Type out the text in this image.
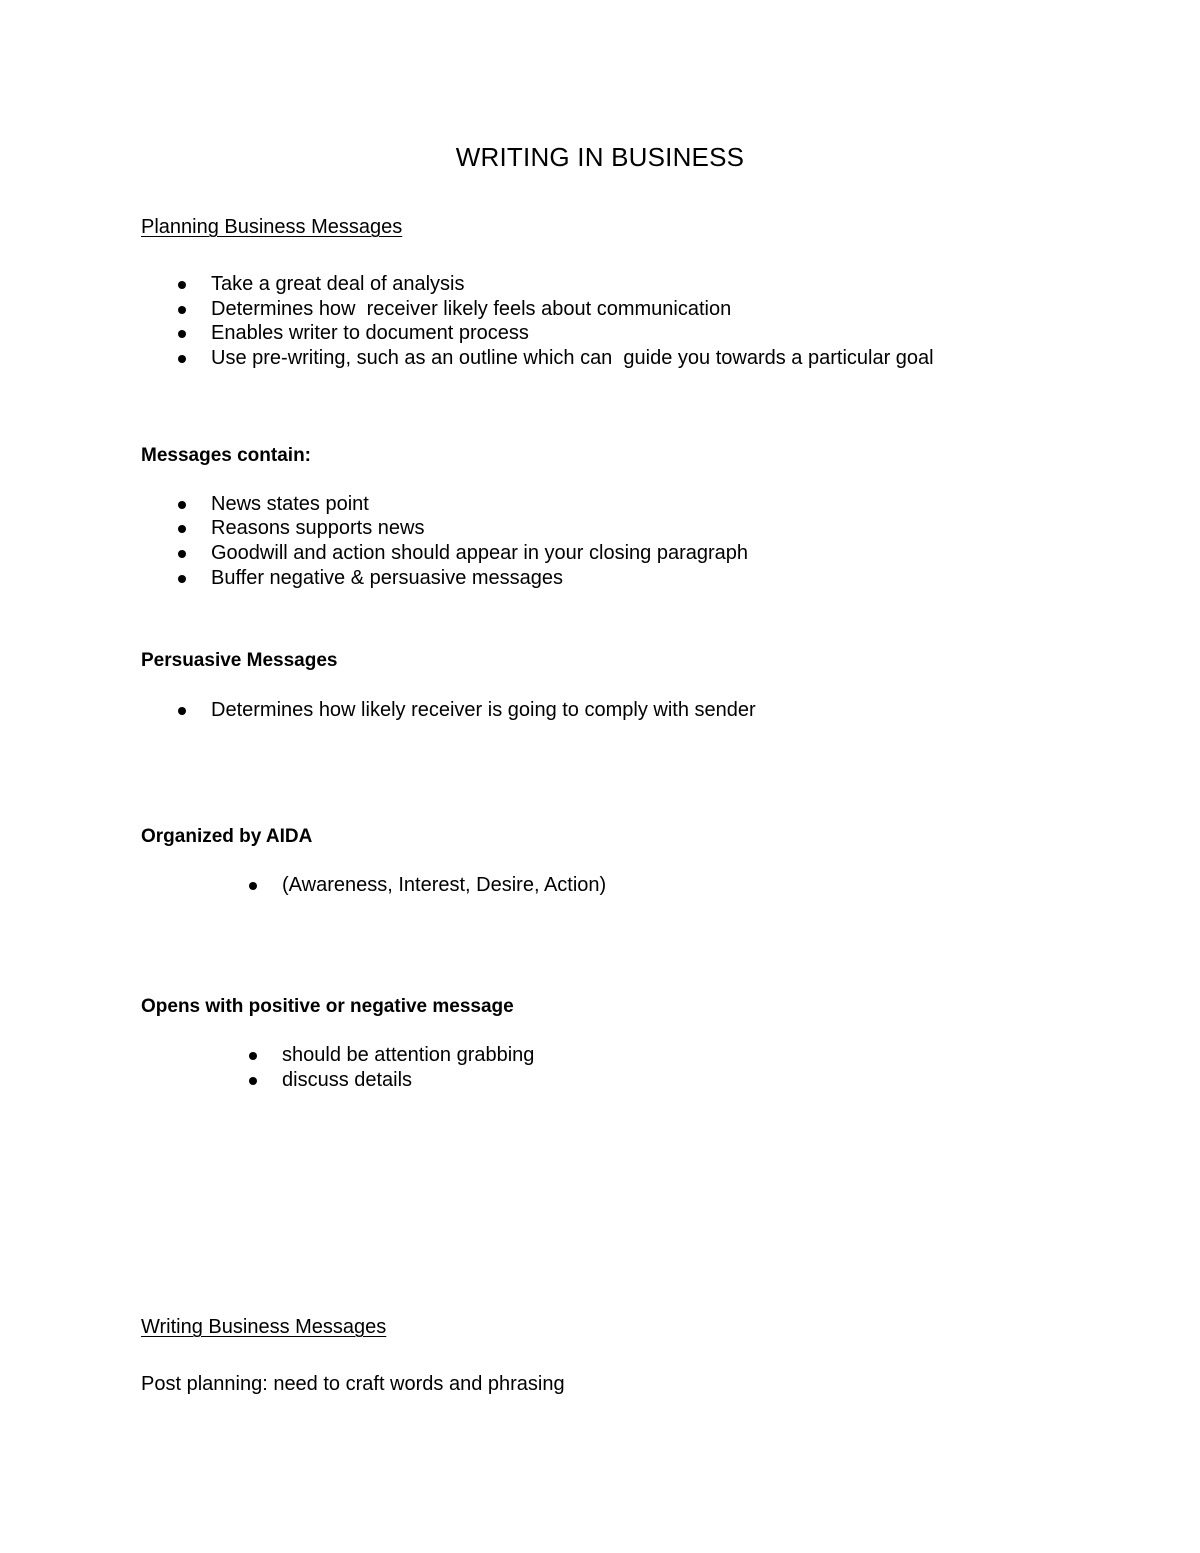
WRITING IN BUSINESS
Planning Business Messages
Take a great deal of analysis
Determines how  receiver likely feels about communication
Enables writer to document process
Use pre-writing, such as an outline which can  guide you towards a particular goal
Messages contain:
News states point
Reasons supports news
Goodwill and action should appear in your closing paragraph
Buffer negative & persuasive messages
Persuasive Messages
Determines how likely receiver is going to comply with sender
Organized by AIDA
(Awareness, Interest, Desire, Action)
Opens with positive or negative message
should be attention grabbing
discuss details
Writing Business Messages
Post planning: need to craft words and phrasing
